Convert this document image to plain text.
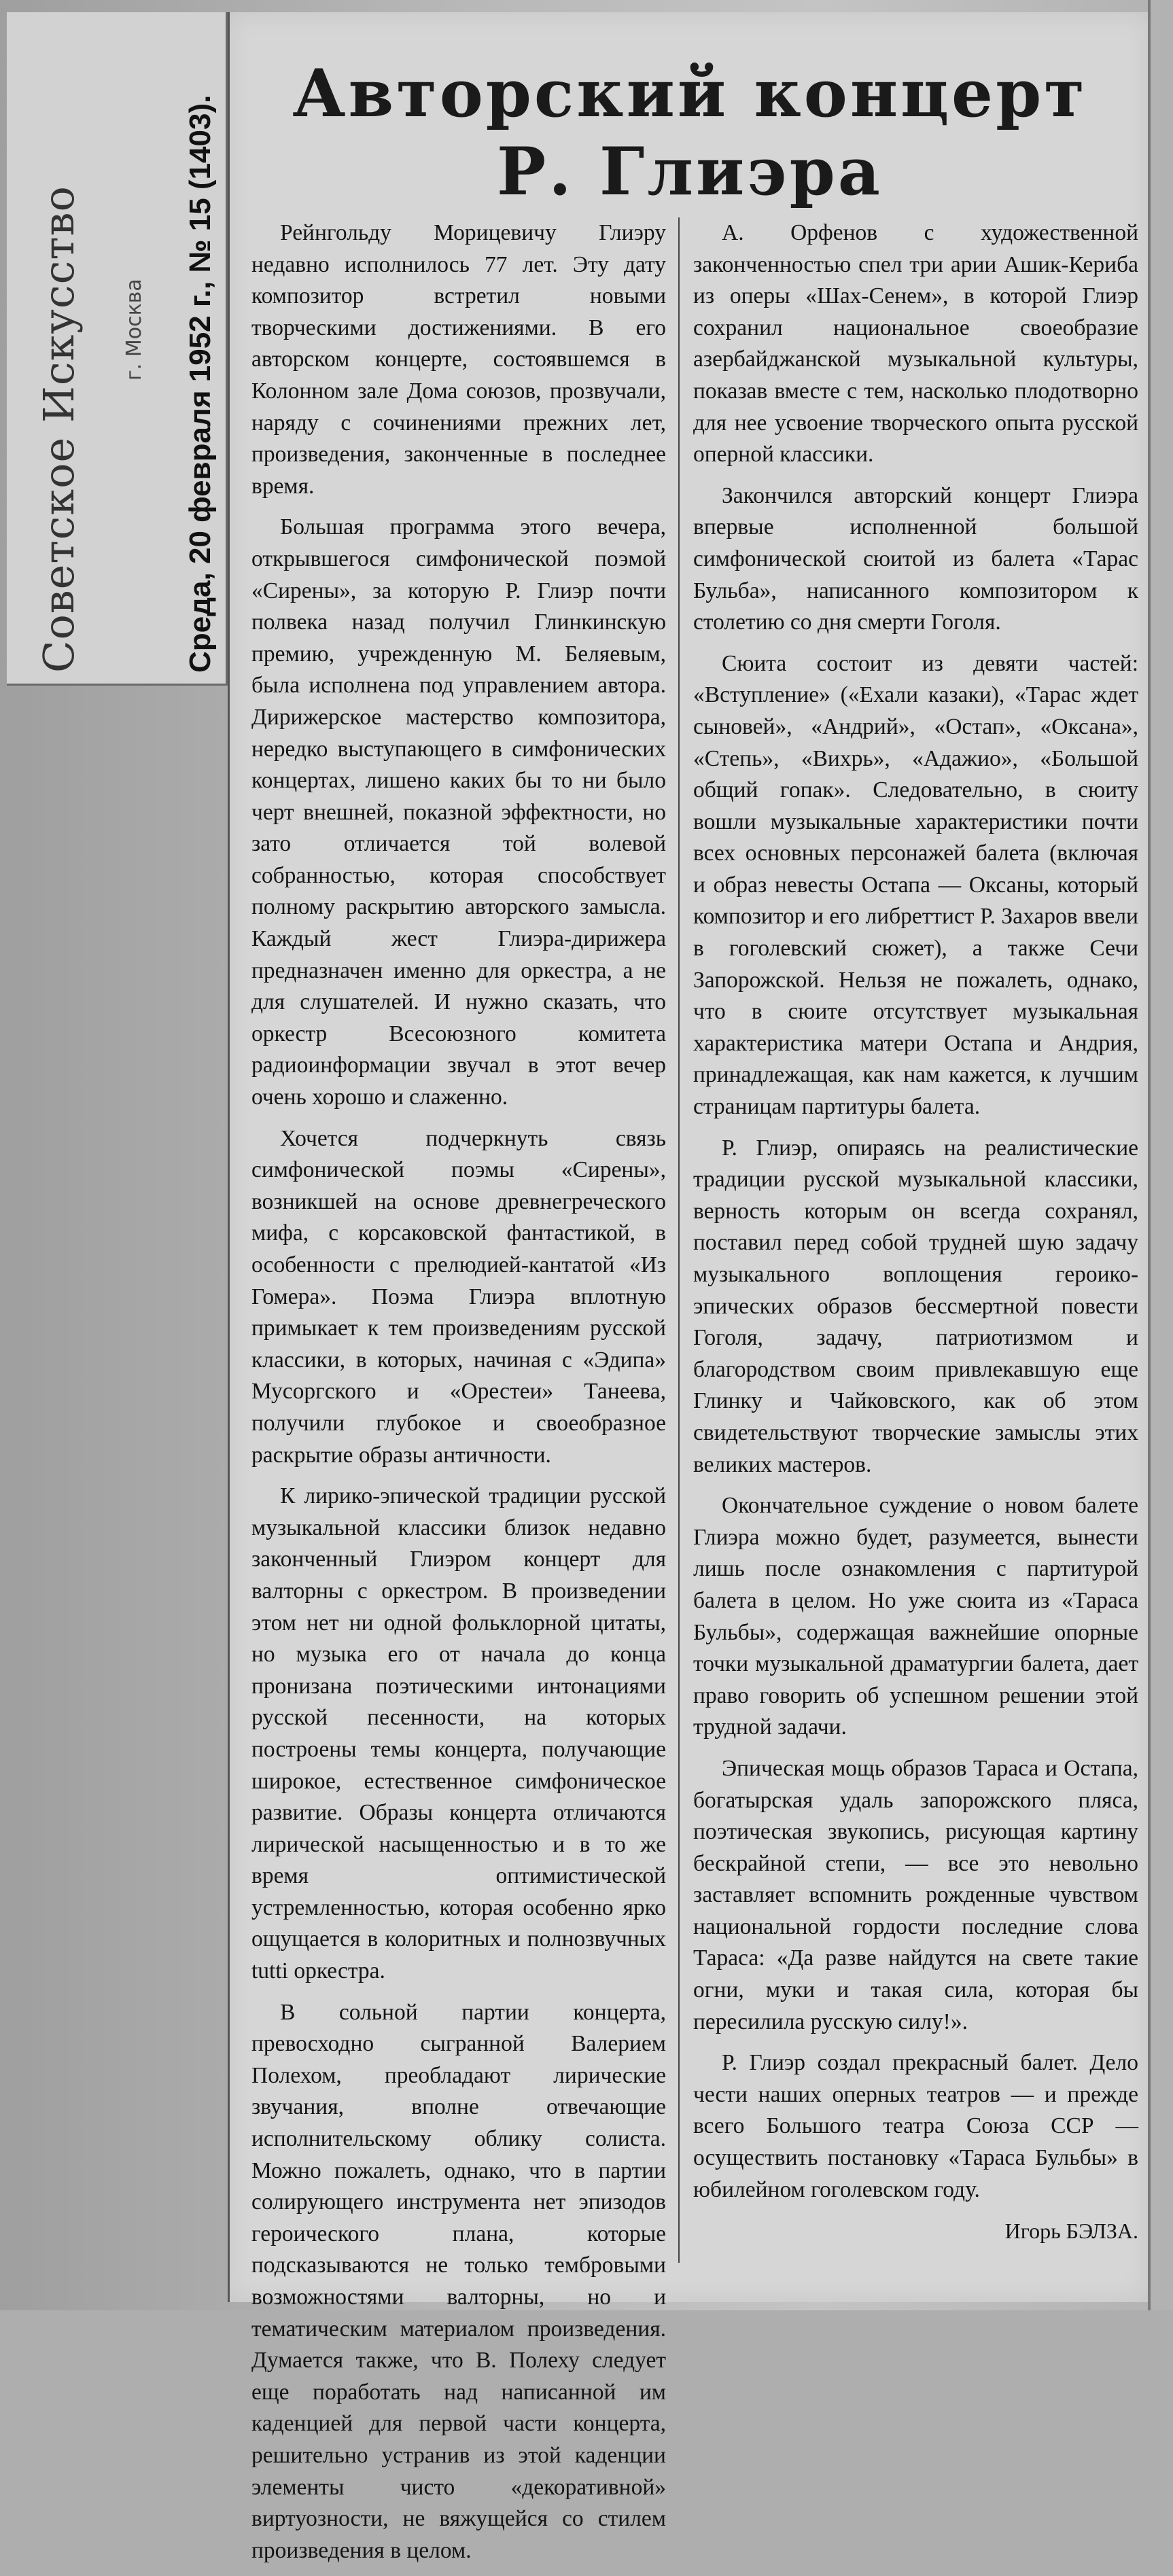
Советское Искусство г. Москва Среда, 20 февраля 1952 г., № 15 (1403).
Авторский концерт
Р. Глиэра

Рейнгольду Морицевичу Глиэру недавно исполнилось 77 лет. Эту дату композитор встретил новыми творческими достижениями. В его авторском концерте, состоявшемся в Колонном зале Дома союзов, прозвучали, наряду с сочинениями прежних лет, произведения, законченные в последнее время.

Большая программа этого вечера, открывшегося симфонической поэмой «Сирены», за которую Р. Глиэр почти полвека назад получил Глинкинскую премию, учрежденную М. Беляевым, была исполнена под управлением автора. Дирижерское мастерство композитора, нередко выступающего в симфонических концертах, лишено каких бы то ни было черт внешней, показной эффектности, но зато отличается той волевой собранностью, которая способствует полному раскрытию авторского замысла. Каждый жест Глиэра-дирижера предназначен именно для оркестра, а не для слушателей. И нужно сказать, что оркестр Всесоюзного комитета радиоинформации звучал в этот вечер очень хорошо и слаженно.

Хочется подчеркнуть связь симфонической поэмы «Сирены», возникшей на основе древнегреческого мифа, с корсаковской фантастикой, в особенности с прелюдией-кантатой «Из Гомера». Поэма Глиэра вплотную примыкает к тем произведениям русской классики, в которых, начиная с «Эдипа» Мусоргского и «Орестеи» Танеева, получили глубокое и своеобразное раскрытие образы античности.

К лирико-эпической традиции русской музыкальной классики близок недавно законченный Глиэром концерт для валторны с оркестром. В произведении этом нет ни одной фольклорной цитаты, но музыка его от начала до конца пронизана поэтическими интонациями русской песенности, на которых построены темы концерта, получающие широкое, естественное симфоническое развитие. Образы концерта отличаются лирической насыщенностью и в то же время оптимистической устремленностью, которая особенно ярко ощущается в колоритных и полнозвучных tutti оркестра.

В сольной партии концерта, превосходно сыгранной Валерием Полехом, преобладают лирические звучания, вполне отвечающие исполнительскому облику солиста. Можно пожалеть, однако, что в партии солирующего инструмента нет эпизодов героического плана, которые подсказываются не только тембровыми возможностями валторны, но и тематическим материалом произведения. Думается также, что В. Полеху следует еще поработать над написанной им каденцией для первой части концерта, решительно устранив из этой каденции элементы чисто «декоративной» виртуозности, не вяжущейся со стилем произведения в целом.

А. Орфенов с художественной законченностью спел три арии Ашик-Кериба из оперы «Шах-Сенем», в которой Глиэр сохранил национальное своеобразие азербайджанской музыкальной культуры, показав вместе с тем, насколько плодотворно для нее усвоение творческого опыта русской оперной классики.

Закончился авторский концерт Глиэра впервые исполненной большой симфонической сюитой из балета «Тарас Бульба», написанного композитором к столетию со дня смерти Гоголя.

Сюита состоит из девяти частей: «Вступление» («Ехали казаки), «Тарас ждет сыновей», «Андрий», «Остап», «Оксана», «Степь», «Вихрь», «Адажио», «Большой общий гопак». Следовательно, в сюиту вошли музыкальные характеристики почти всех основных персонажей балета (включая и образ невесты Остапа — Оксаны, который композитор и его либреттист Р. Захаров ввели в гоголевский сюжет), а также Сечи Запорожской. Нельзя не пожалеть, однако, что в сюите отсутствует музыкальная характеристика матери Остапа и Андрия, принадлежащая, как нам кажется, к лучшим страницам партитуры балета.

Р. Глиэр, опираясь на реалистические традиции русской музыкальной классики, верность которым он всегда сохранял, поставил перед собой трудней шую задачу музыкального воплощения героико-эпических образов бессмертной повести Гоголя, задачу, патриотизмом и благородством своим привлекавшую еще Глинку и Чайковского, как об этом свидетельствуют творческие замыслы этих великих мастеров.

Окончательное суждение о новом балете Глиэра можно будет, разумеется, вынести лишь после ознакомления с партитурой балета в целом. Но уже сюита из «Тараса Бульбы», содержащая важнейшие опорные точки музыкальной драматургии балета, дает право говорить об успешном решении этой трудной задачи.

Эпическая мощь образов Тараса и Остапа, богатырская удаль запорожского пляса, поэтическая звукопись, рисующая картину бескрайной степи, — все это невольно заставляет вспомнить рожденные чувством национальной гордости последние слова Тараса: «Да разве найдутся на свете такие огни, муки и такая сила, которая бы пересилила русскую силу!».

Р. Глиэр создал прекрасный балет. Дело чести наших оперных театров — и прежде всего Большого театра Союза ССР — осуществить постановку «Тараса Бульбы» в юбилейном гоголевском году.

Игорь БЭЛЗА.
